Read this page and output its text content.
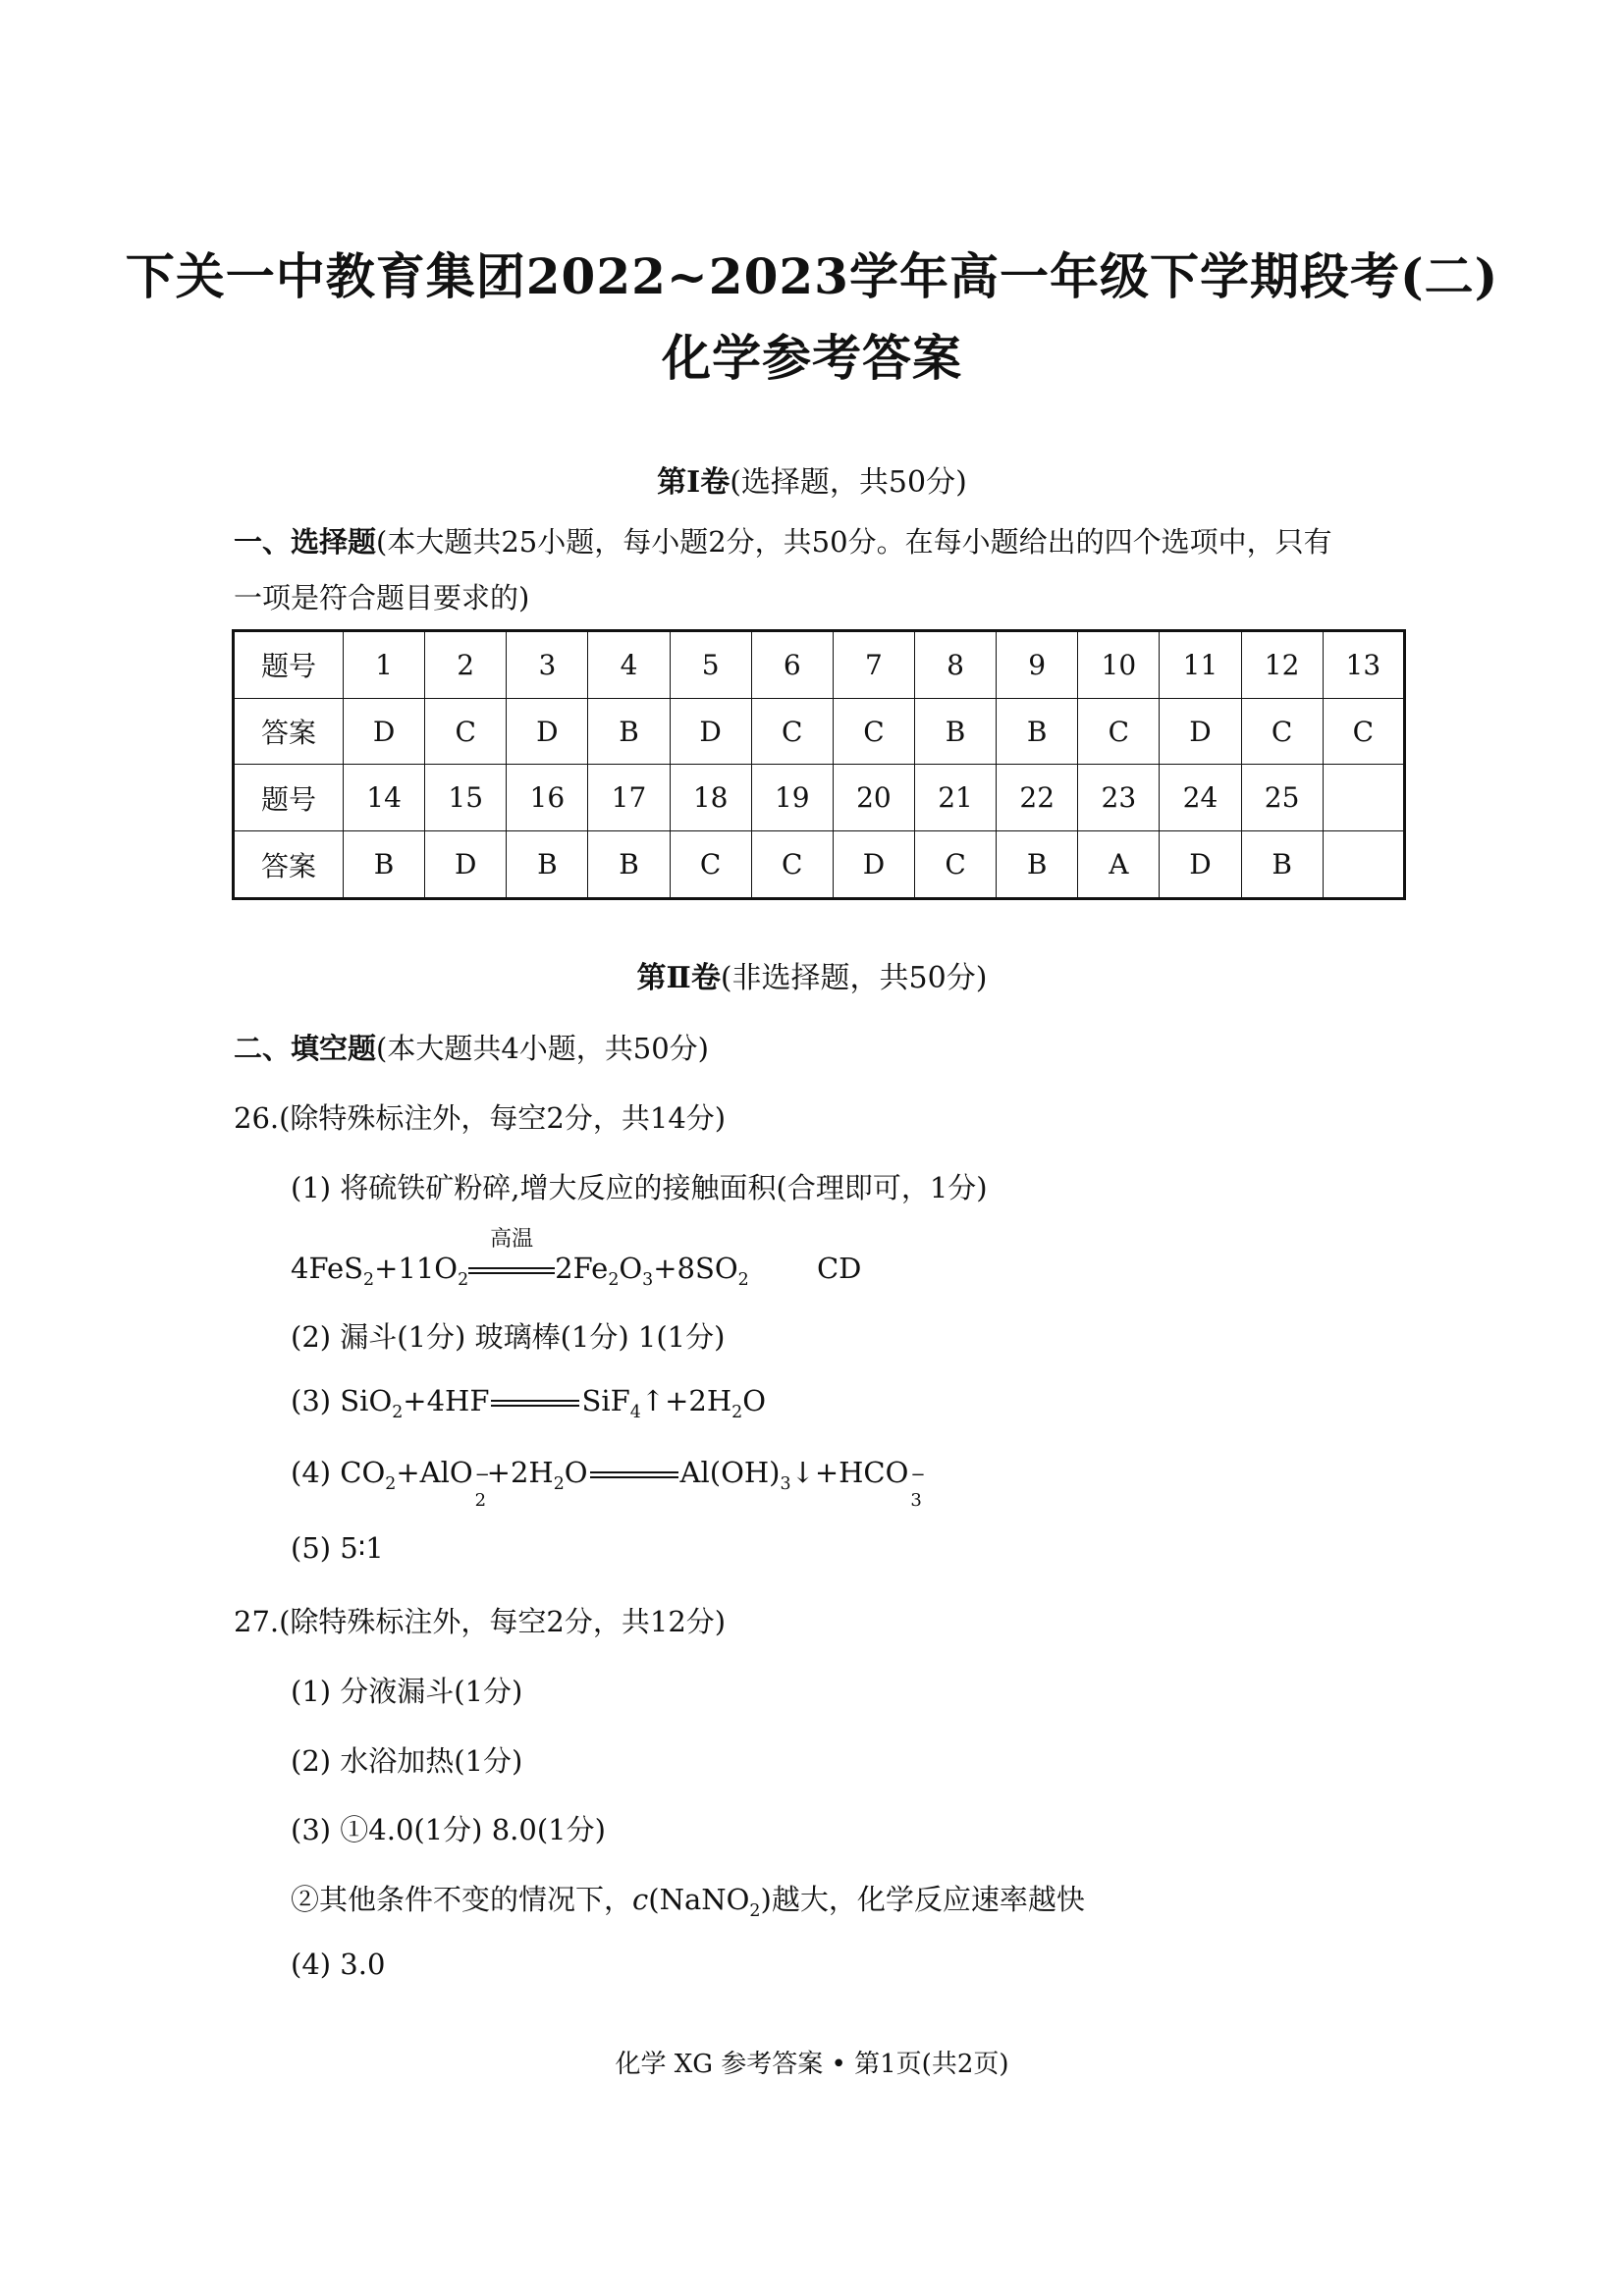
下关一中教育集团2022~2023学年高一年级下学期段考(二)
化学参考答案
第Ⅰ卷(选择题，共50分)
一、选择题(本大题共25小题，每小题2分，共50分。在每小题给出的四个选项中，只有
一项是符合题目要求的)
题号	1	2	3	4	5	6	7	8	9	10	11	12	13
答案	D	C	D	B	D	C	C	B	B	C	D	C	C
题号	14	15	16	17	18	19	20	21	22	23	24	25	
答案	B	D	B	B	C	C	D	C	B	A	D	B	
第Ⅱ卷(非选择题，共50分)
二、填空题(本大题共4小题，共50分)
26.(除特殊标注外，每空2分，共14分)
(1) 将硫铁矿粉碎,增大反应的接触面积(合理即可，1分)
$4FeS_2+11O_2$
高温
$2Fe_2O_3+8SO_2$ CD
(2) 漏斗(1分) 玻璃棒(1分) 1(1分)
(3) SiO$_2$+4HF	$SiF_4↑+2H_2O$
(4) $CO_2+AlO$ −
2
$+2H_2O$	$Al(OH)_3↓+HCO$ −
3
(5) 5∶1
27.(除特殊标注外，每空2分，共12分)
(1) 分液漏斗(1分)
(2) 水浴加热(1分)
(3) ①4.0(1分) 8.0(1分)
②其他条件不变的情况下，c(NaNO$_2$)越大，化学反应速率越快
(4) 3.0
化学 XG 参考答案 • 第1页(共2页)
